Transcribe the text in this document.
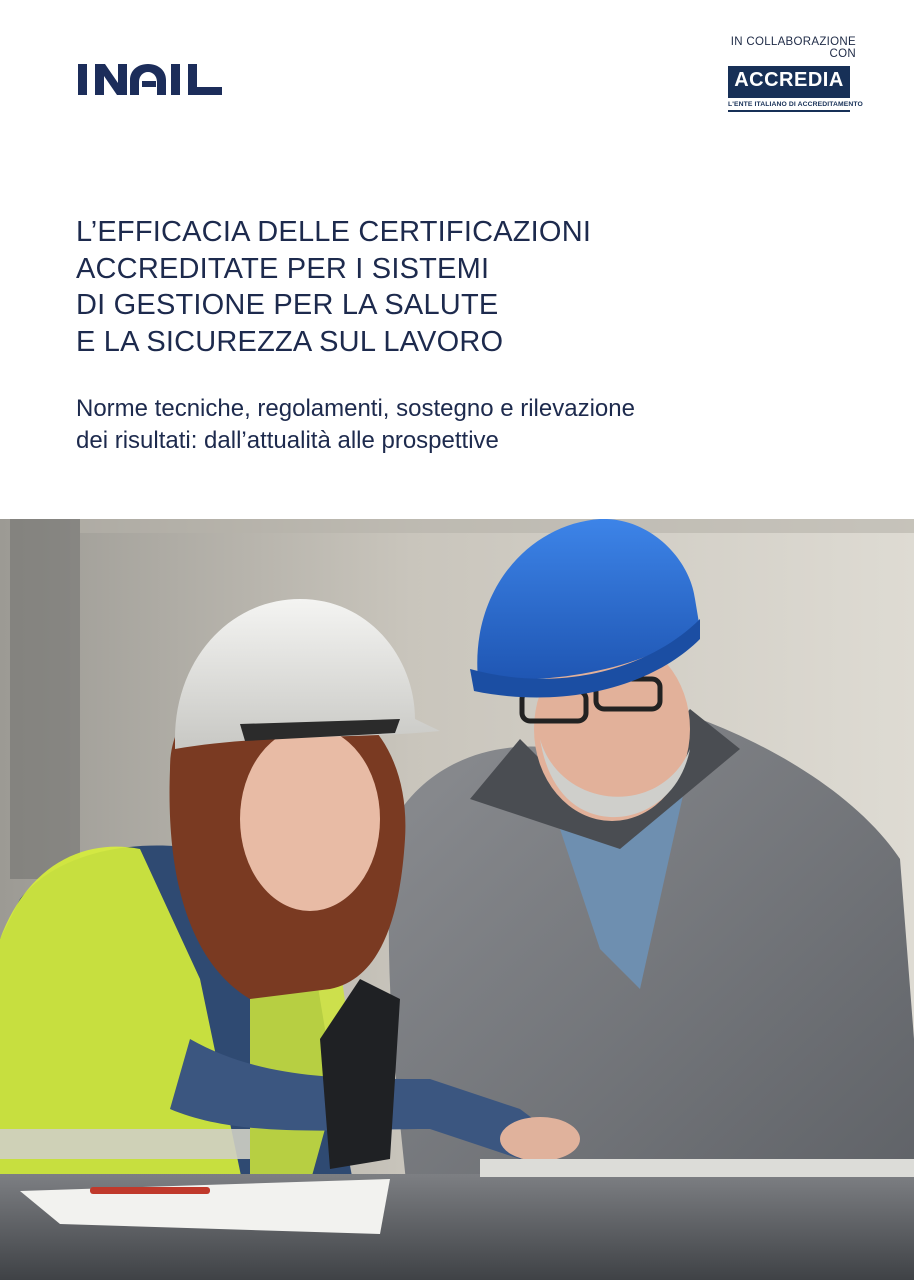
IN COLLABORAZIONE CON
ACCREDIA
L'ENTE ITALIANO DI ACCREDITAMENTO
L’EFFICACIA DELLE CERTIFICAZIONI
ACCREDITATE PER I SISTEMI
DI GESTIONE PER LA SALUTE
E LA SICUREZZA SUL LAVORO
Norme tecniche, regolamenti, sostegno e rilevazione
dei risultati: dall’attualità alle prospettive
